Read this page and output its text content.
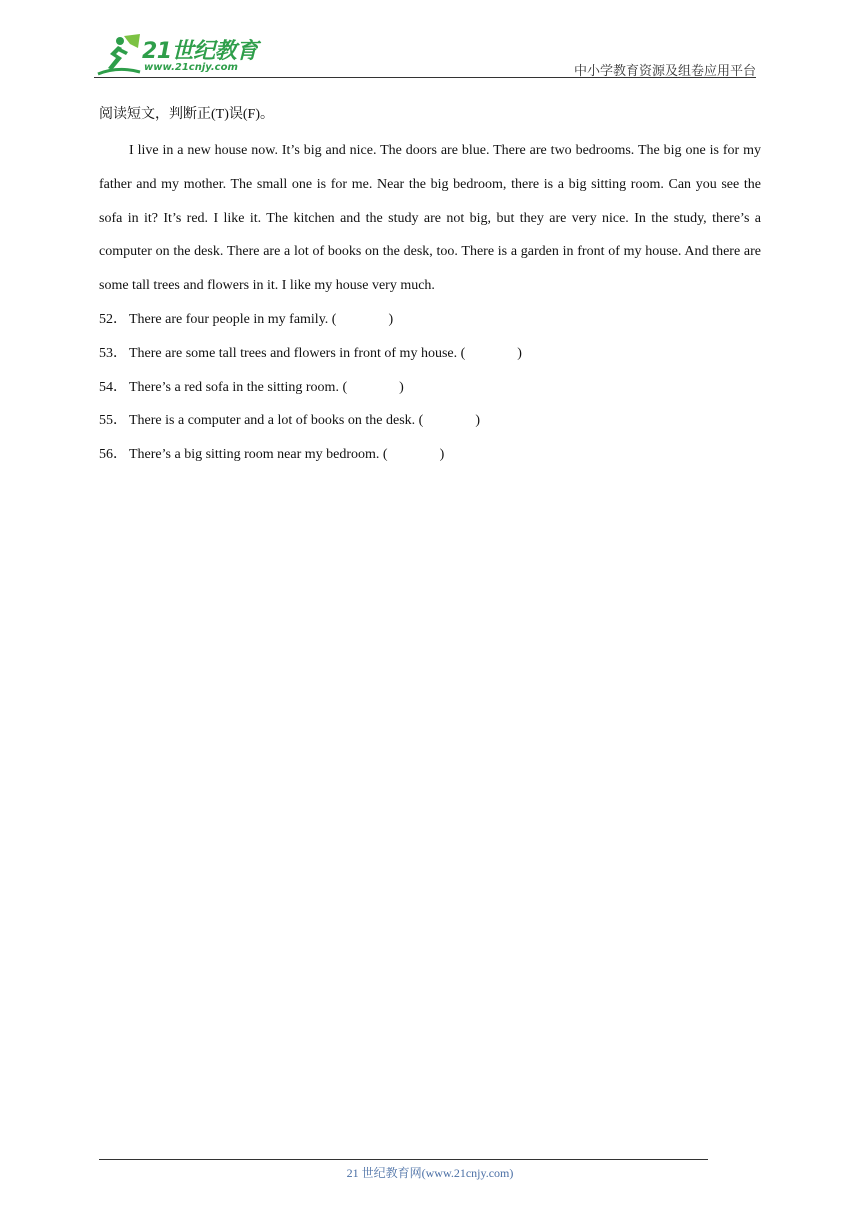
21世纪教育
www.21cnjy.com	中小学教育资源及组卷应用平台

阅读短文，判断正(T)误(F)。

I live in a new house now. It’s big and nice. The doors are blue. There are two bedrooms. The big one is for my father and my mother. The small one is for me. Near the big bedroom, there is a big sitting room. Can you see the sofa in it? It’s red. I like it. The kitchen and the study are not big, but they are very nice. In the study, there’s a computer on the desk. There are a lot of books on the desk, too. There is a garden in front of my house. And there are some tall trees and flowers in it. I like my house very much.

52． There are four people in my family. (	)
53． There are some tall trees and flowers in front of my house. (	)
54． There’s a red sofa in the sitting room. (	)
55． There is a computer and a lot of books on the desk. (	)
56． There’s a big sitting room near my bedroom. (	)
21 世纪教育网(www.21cnjy.com)
